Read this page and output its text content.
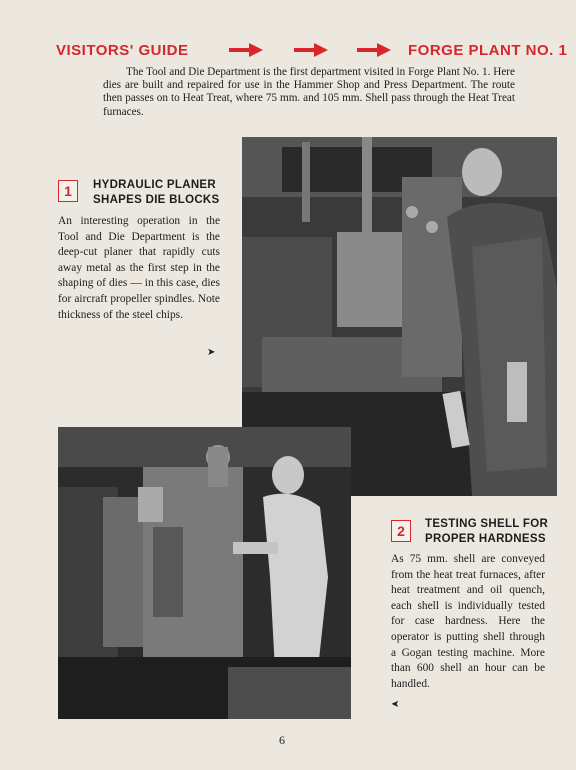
VISITORS' GUIDE	FORGE PLANT NO. 1

The Tool and Die Department is the first department visited in Forge Plant No. 1. Here dies are built and repaired for use in the Hammer Shop and Press Department. The route then passes on to Heat Treat, where 75 mm. and 105 mm. Shell pass through the Heat Treat furnaces.

1	HYDRAULIC PLANER
SHAPES DIE BLOCKS

An interesting operation in the Tool and Die Department is the deep-cut planer that rapidly cuts away metal as the first step in the shaping of dies — in this case, dies for aircraft propeller spindles. Note thickness of the steel chips.

➤
2	TESTING SHELL FOR
PROPER HARDNESS

As 75 mm. shell are conveyed from the heat treat furnaces, after heat treatment and oil quench, each shell is individually tested for case hardness. Here the operator is putting shell through a Gogan testing machine. More than 600 shell an hour can be handled.

➤
6
